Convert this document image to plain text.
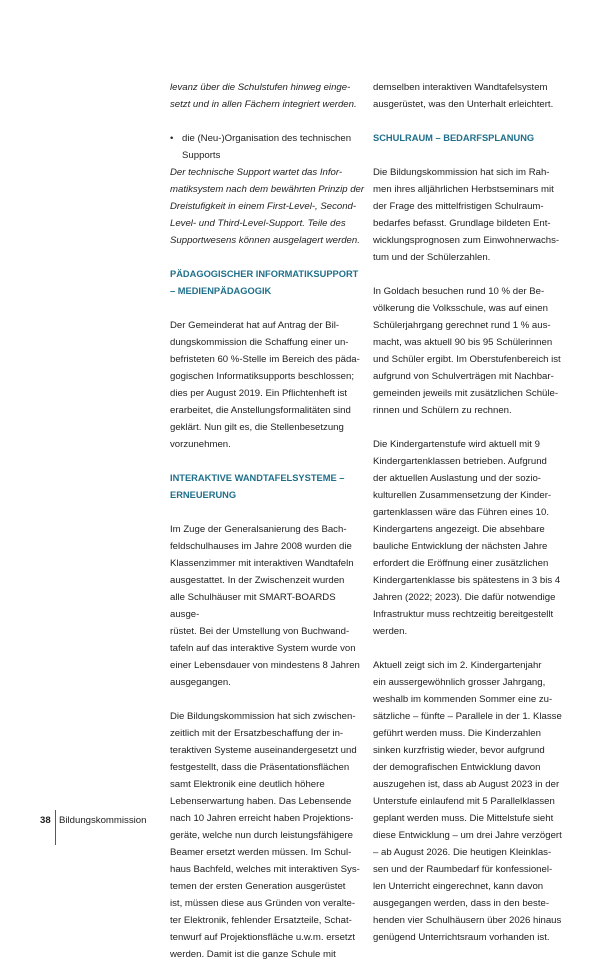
levanz über die Schulstufen hinweg einge-
setzt und in allen Fächern integriert werden.
• die (Neu-)Organisation des technischen
Supports
Der technische Support wartet das Infor-
matiksystem nach dem bewährten Prinzip der
Dreistufigkeit in einem First-Level-, Second-
Level- und Third-Level-Support. Teile des
Supportwesens können ausgelagert werden.
PÄDAGOGISCHER INFORMATIKSUPPORT
– MEDIENPÄDAGOGIK
Der Gemeinderat hat auf Antrag der Bil-
dungskommission die Schaffung einer un-
befristeten 60 %-Stelle im Bereich des päda-
gogischen Informatiksupports beschlossen;
dies per August 2019. Ein Pflichtenheft ist
erarbeitet, die Anstellungsformalitäten sind
geklärt. Nun gilt es, die Stellenbesetzung
vorzunehmen.
INTERAKTIVE WANDTAFELSYSTEME –
ERNEUERUNG
Im Zuge der Generalsanierung des Bach-
feldschulhauses im Jahre 2008 wurden die
Klassenzimmer mit interaktiven Wandtafeln
ausgestattet. In der Zwischenzeit wurden
alle Schulhäuser mit SMART-BOARDS ausge-
rüstet. Bei der Umstellung von Buchwand-
tafeln auf das interaktive System wurde von
einer Lebensdauer von mindestens 8 Jahren
ausgegangen.
Die Bildungskommission hat sich zwischen-
zeitlich mit der Ersatzbeschaffung der in-
teraktiven Systeme auseinandergesetzt und
festgestellt, dass die Präsentationsflächen
samt Elektronik eine deutlich höhere
Lebenserwartung haben. Das Lebensende
nach 10 Jahren erreicht haben Projektions-
geräte, welche nun durch leistungsfähigere
Beamer ersetzt werden müssen. Im Schul-
haus Bachfeld, welches mit interaktiven Sys-
temen der ersten Generation ausgerüstet
ist, müssen diese aus Gründen von veralte-
ter Elektronik, fehlender Ersatzteile, Schat-
tenwurf auf Projektionsfläche u.w.m. ersetzt
werden. Damit ist die ganze Schule mit
demselben interaktiven Wandtafelsystem
ausgerüstet, was den Unterhalt erleichtert.
SCHULRAUM – BEDARFSPLANUNG
Die Bildungskommission hat sich im Rah-
men ihres alljährlichen Herbstseminars mit
der Frage des mittelfristigen Schulraum-
bedarfes befasst. Grundlage bildeten Ent-
wicklungsprognosen zum Einwohnerwachs-
tum und der Schülerzahlen.
In Goldach besuchen rund 10 % der Be-
völkerung die Volksschule, was auf einen
Schülerjahrgang gerechnet rund 1 % aus-
macht, was aktuell 90 bis 95 Schülerinnen
und Schüler ergibt. Im Oberstufenbereich ist
aufgrund von Schulverträgen mit Nachbar-
gemeinden jeweils mit zusätzlichen Schüle-
rinnen und Schülern zu rechnen.
Die Kindergartenstufe wird aktuell mit 9
Kindergartenklassen betrieben. Aufgrund
der aktuellen Auslastung und der sozio-
kulturellen Zusammensetzung der Kinder-
gartenklassen wäre das Führen eines 10.
Kindergartens angezeigt. Die absehbare
bauliche Entwicklung der nächsten Jahre
erfordert die Eröffnung einer zusätzlichen
Kindergartenklasse bis spätestens in 3 bis 4
Jahren (2022; 2023). Die dafür notwendige
Infrastruktur muss rechtzeitig bereitgestellt
werden.
Aktuell zeigt sich im 2. Kindergartenjahr
ein aussergewöhnlich grosser Jahrgang,
weshalb im kommenden Sommer eine zu-
sätzliche – fünfte – Parallele in der 1. Klasse
geführt werden muss. Die Kinderzahlen
sinken kurzfristig wieder, bevor aufgrund
der demografischen Entwicklung davon
auszugehen ist, dass ab August 2023 in der
Unterstufe einlaufend mit 5 Parallelklassen
geplant werden muss. Die Mittelstufe sieht
diese Entwicklung – um drei Jahre verzögert
– ab August 2026. Die heutigen Kleinklas-
sen und der Raumbedarf für konfessionel-
len Unterricht eingerechnet, kann davon
ausgegangen werden, dass in den beste-
henden vier Schulhäusern über 2026 hinaus
genügend Unterrichtsraum vorhanden ist.
38 Bildungskommission
